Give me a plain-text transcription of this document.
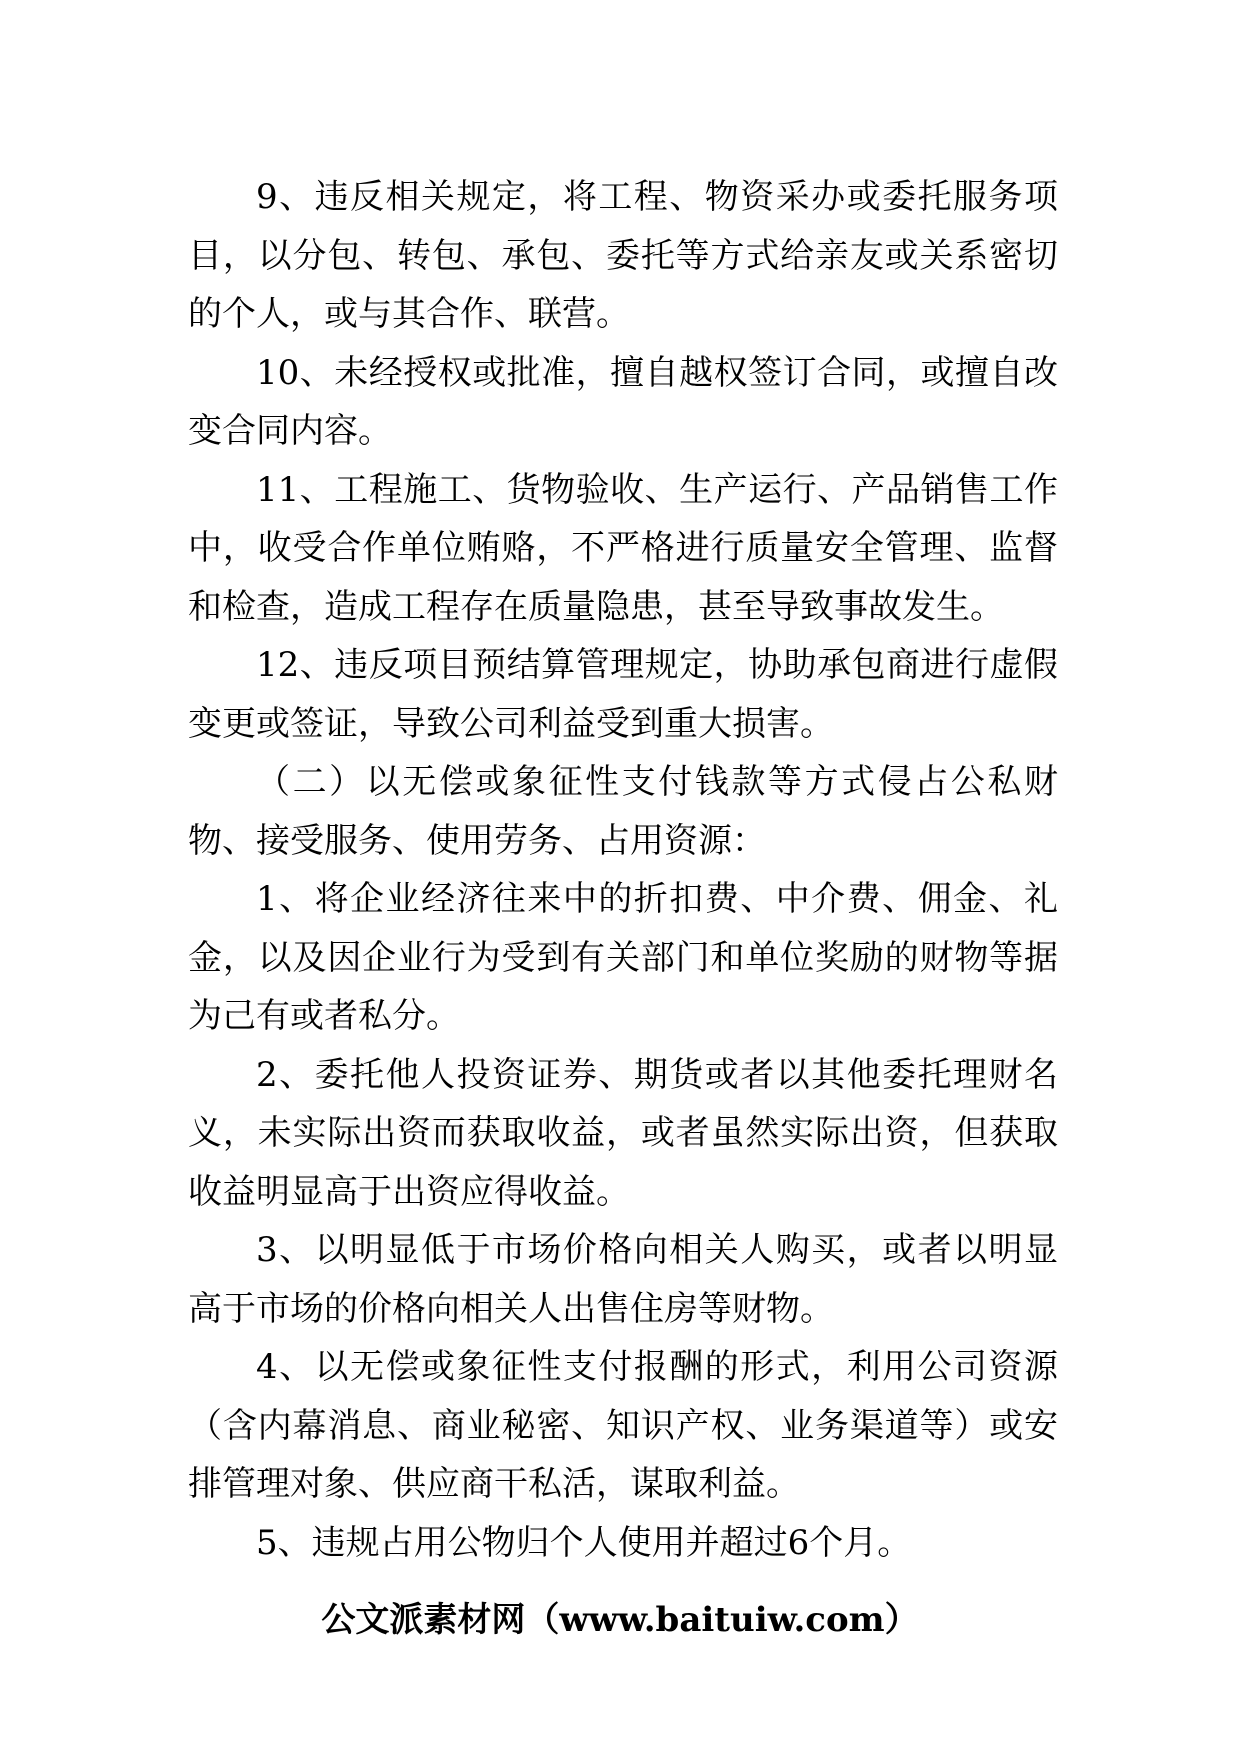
9、违反相关规定，将工程、物资采办或委托服务项目，以分包、转包、承包、委托等方式给亲友或关系密切的个人，或与其合作、联营。

10、未经授权或批准，擅自越权签订合同，或擅自改变合同内容。

11、工程施工、货物验收、生产运行、产品销售工作中，收受合作单位贿赂，不严格进行质量安全管理、监督和检查，造成工程存在质量隐患，甚至导致事故发生。

12、违反项目预结算管理规定，协助承包商进行虚假变更或签证，导致公司利益受到重大损害。

（二）以无偿或象征性支付钱款等方式侵占公私财物、接受服务、使用劳务、占用资源：

1、将企业经济往来中的折扣费、中介费、佣金、礼金，以及因企业行为受到有关部门和单位奖励的财物等据为己有或者私分。

2、委托他人投资证券、期货或者以其他委托理财名义，未实际出资而获取收益，或者虽然实际出资，但获取收益明显高于出资应得收益。

3、以明显低于市场价格向相关人购买，或者以明显高于市场的价格向相关人出售住房等财物。

4、以无偿或象征性支付报酬的形式，利用公司资源（含内幕消息、商业秘密、知识产权、业务渠道等）或安排管理对象、供应商干私活，谋取利益。

5、违规占用公物归个人使用并超过6个月。

公文派素材网（www.baituiw.com）
